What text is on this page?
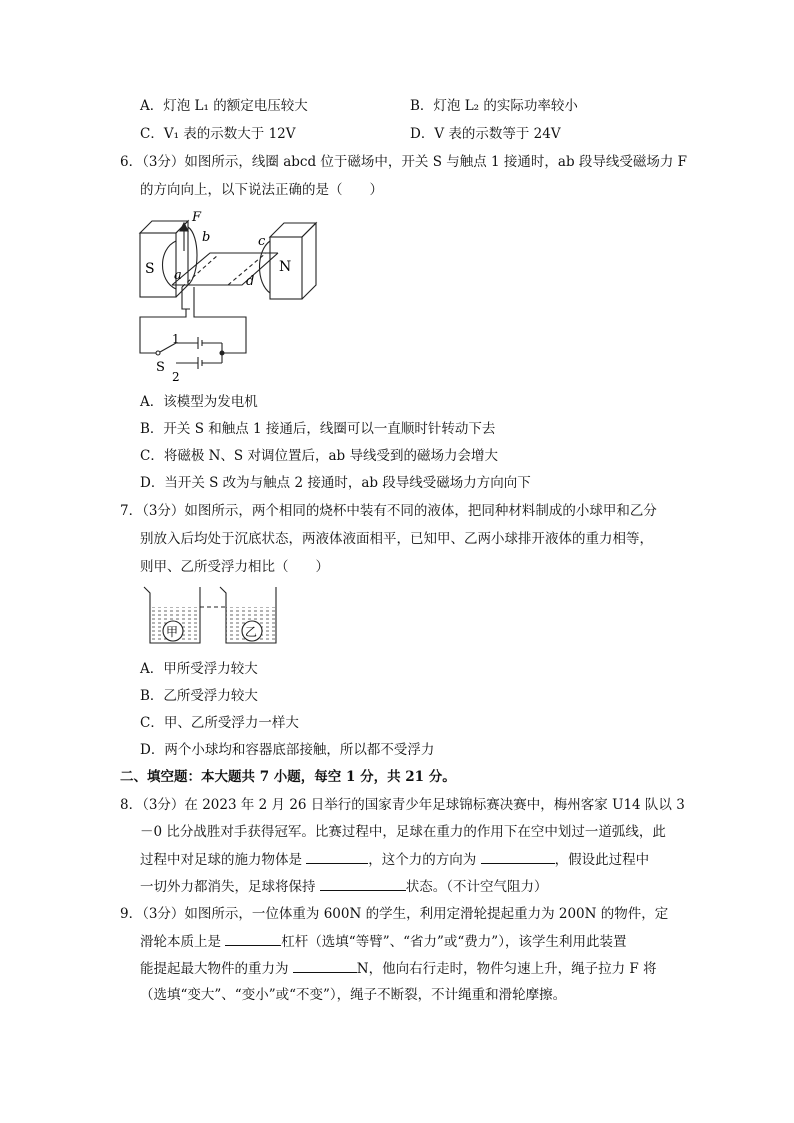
A．灯泡 L₁ 的额定电压较大	B．灯泡 L₂ 的实际功率较小
C．V₁ 表的示数大于 12V	D．V 表的示数等于 24V
6．（3分）如图所示，线圈 abcd 位于磁场中，开关 S 与触点 1 接通时，ab 段导线受磁场力 F
的方向向上，以下说法正确的是（　　）
F
b	c
S a
N
d
1
2
S
A．该模型为发电机
B．开关 S 和触点 1 接通后，线圈可以一直顺时针转动下去
C．将磁极 N、S 对调位置后，ab 导线受到的磁场力会增大
D．当开关 S 改为与触点 2 接通时，ab 段导线受磁场力方向向下
7．（3分）如图所示，两个相同的烧杯中装有不同的液体，把同种材料制成的小球甲和乙分
别放入后均处于沉底状态，两液体液面相平，已知甲、乙两小球排开液体的重力相等，
则甲、乙所受浮力相比（　　）
甲	乙
A．甲所受浮力较大
B．乙所受浮力较大
C．甲、乙所受浮力一样大
D．两个小球均和容器底部接触，所以都不受浮力
二、填空题：本大题共 7 小题，每空 1 分，共 21 分。
8．（3分）在 2023 年 2 月 26 日举行的国家青少年足球锦标赛决赛中，梅州客家 U14 队以 3
－0 比分战胜对手获得冠军。比赛过程中，足球在重力的作用下在空中划过一道弧线，此
过程中对足球的施力物体是	，这个力的方向为	，假设此过程中
一切外力都消失，足球将保持	状态。（不计空气阻力）
9．（3分）如图所示，一位体重为 600N 的学生，利用定滑轮提起重力为 200N 的物件，定
滑轮本质上是	杠杆（选填“等臂”、“省力”或“费力”），该学生利用此装置
能提起最大物件的重力为	N，他向右行走时，物件匀速上升，绳子拉力 F 将
（选填“变大”、“变小”或“不变”），绳子不断裂，不计绳重和滑轮摩擦。
